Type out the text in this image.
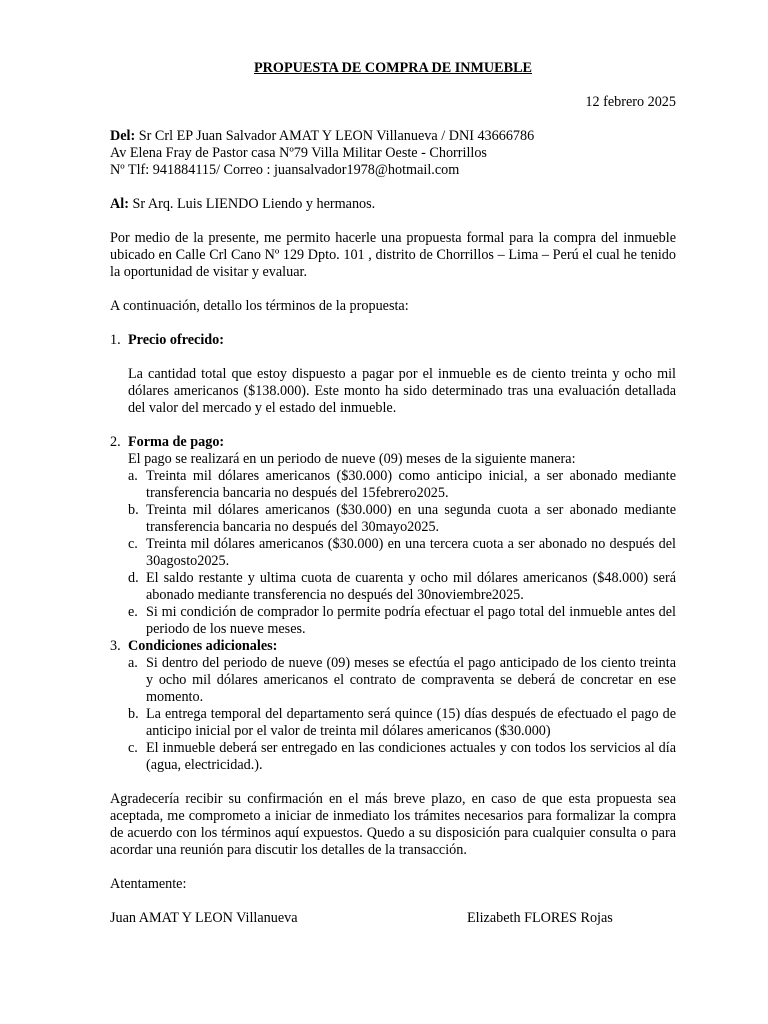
PROPUESTA DE COMPRA DE INMUEBLE
12 febrero 2025
Del: Sr Crl EP Juan Salvador AMAT Y LEON Villanueva / DNI 43666786
Av Elena Fray de Pastor casa Nº79 Villa Militar Oeste - Chorrillos
Nº Tlf: 941884115/ Correo : juansalvador1978@hotmail.com
Al: Sr Arq. Luis LIENDO Liendo y hermanos.
Por medio de la presente, me permito hacerle una propuesta formal para la compra del inmueble ubicado en Calle Crl Cano Nº 129 Dpto. 101 , distrito de Chorrillos – Lima – Perú el cual he tenido la oportunidad de visitar y evaluar.
A continuación, detallo los términos de la propuesta:
1. Precio ofrecido:
La cantidad total que estoy dispuesto a pagar por el inmueble es de ciento treinta y ocho mil dólares americanos ($138.000). Este monto ha sido determinado tras una evaluación detallada del valor del mercado y el estado del inmueble.
2. Forma de pago:
El pago se realizará en un periodo de nueve (09) meses de la siguiente manera:
a. Treinta mil dólares americanos ($30.000) como anticipo inicial, a ser abonado mediante transferencia bancaria no después del 15febrero2025.
b. Treinta mil dólares americanos ($30.000) en una segunda cuota a ser abonado mediante transferencia bancaria no después del 30mayo2025.
c. Treinta mil dólares americanos ($30.000) en una tercera cuota a ser abonado no después del 30agosto2025.
d. El saldo restante y ultima cuota de cuarenta y ocho mil dólares americanos ($48.000) será abonado mediante transferencia no después del 30noviembre2025.
e. Si mi condición de comprador lo permite podría efectuar el pago total del inmueble antes del periodo de los nueve meses.
3. Condiciones adicionales:
a. Si dentro del periodo de nueve (09) meses se efectúa el pago anticipado de los ciento treinta y ocho mil dólares americanos el contrato de compraventa se deberá de concretar en ese momento.
b. La entrega temporal del departamento será quince (15) días después de efectuado el pago de anticipo inicial por el valor de treinta mil dólares americanos ($30.000)
c. El inmueble deberá ser entregado en las condiciones actuales y con todos los servicios al día (agua, electricidad.).
Agradecería recibir su confirmación en el más breve plazo, en caso de que esta propuesta sea aceptada, me comprometo a iniciar de inmediato los trámites necesarios para formalizar la compra de acuerdo con los términos aquí expuestos. Quedo a su disposición para cualquier consulta o para acordar una reunión para discutir los detalles de la transacción.
Atentamente:
Juan AMAT Y LEON Villanueva	Elizabeth FLORES Rojas
